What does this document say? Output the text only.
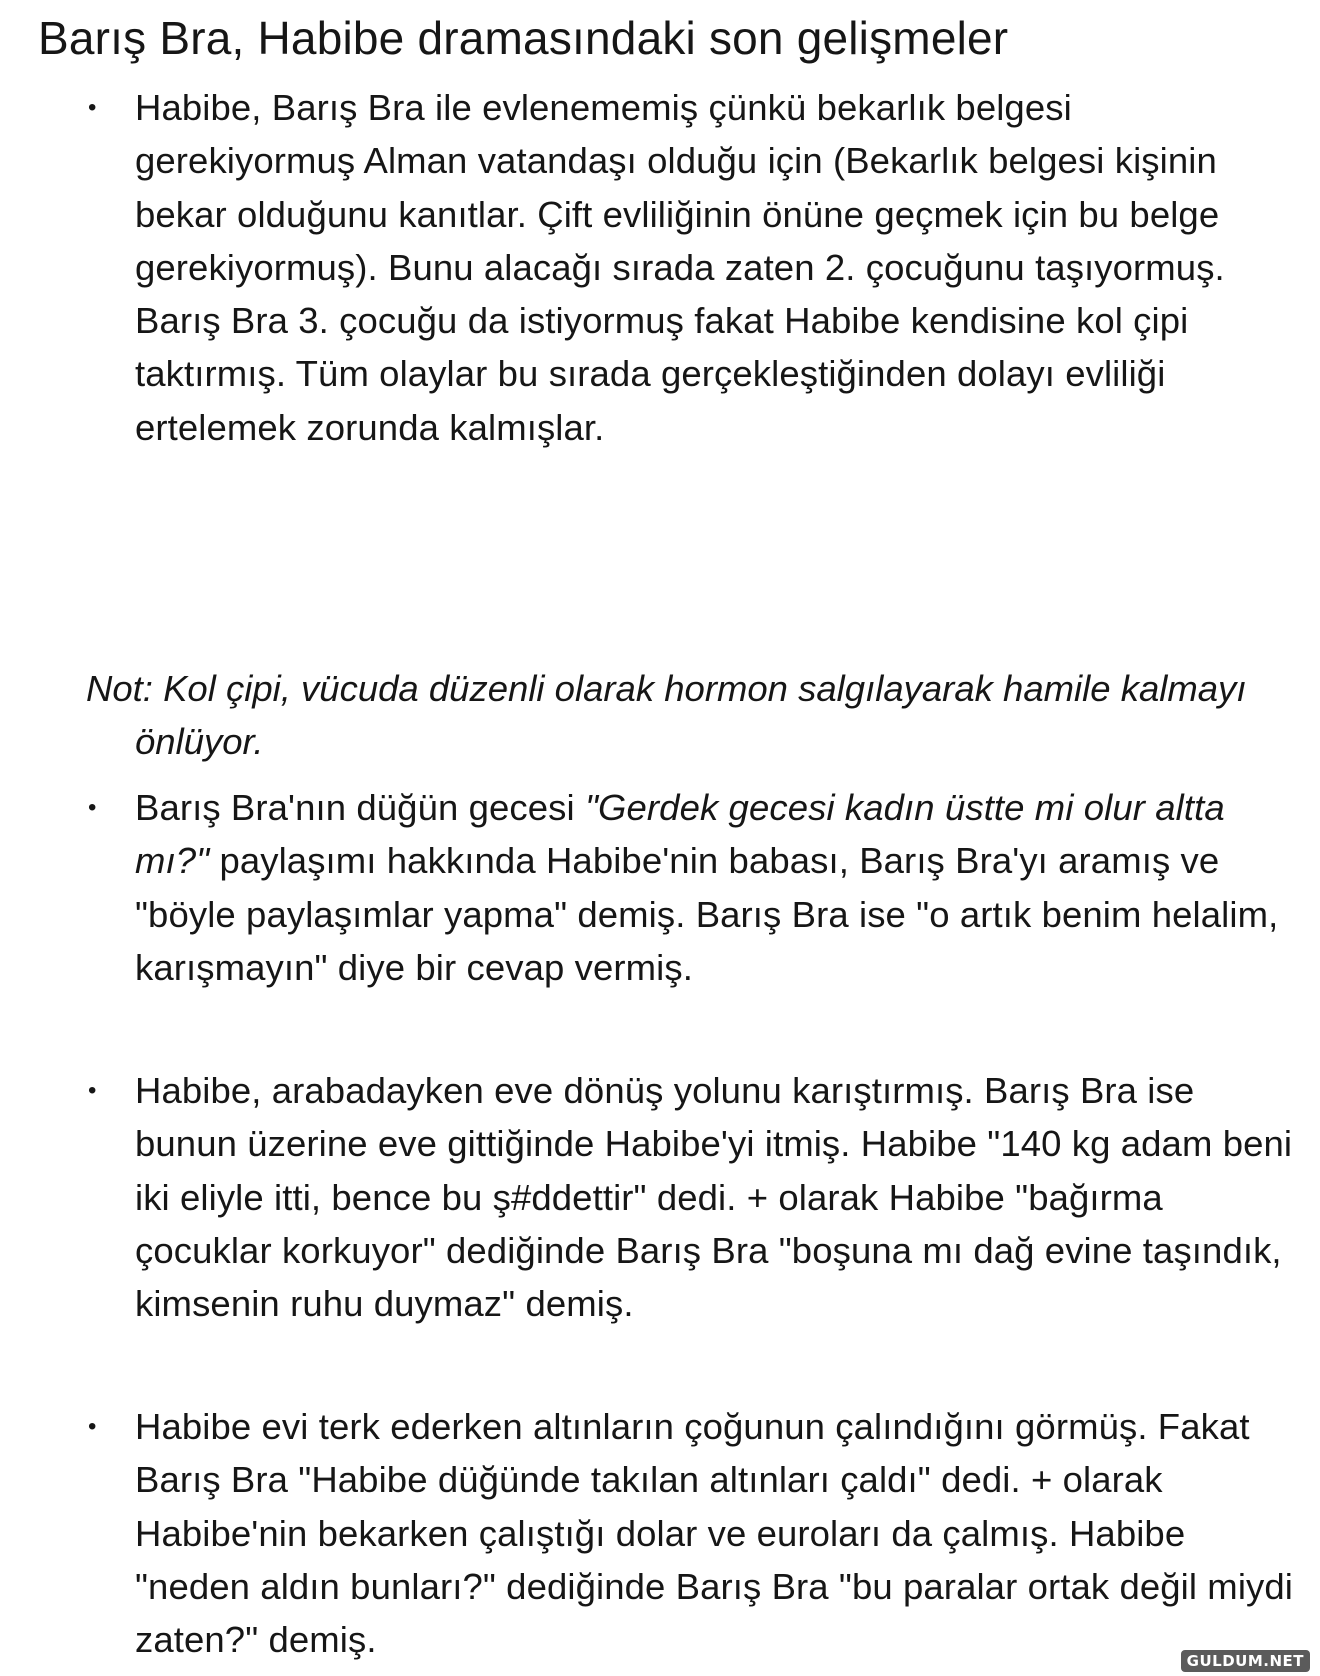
Barış Bra, Habibe dramasındaki son gelişmeler
• Habibe, Barış Bra ile evlenememiş çünkü bekarlık belgesi gerekiyormuş Alman vatandaşı olduğu için (Bekarlık belgesi kişinin bekar olduğunu kanıtlar. Çift evliliğinin önüne geçmek için bu belge gerekiyormuş). Bunu alacağı sırada zaten 2. çocuğunu taşıyormuş. Barış Bra 3. çocuğu da istiyormuş fakat Habibe kendisine kol çipi taktırmış. Tüm olaylar bu sırada gerçekleştiğinden dolayı evliliği ertelemek zorunda kalmışlar.
Not: Kol çipi, vücuda düzenli olarak hormon salgılayarak hamile kalmayı önlüyor.
• Barış Bra'nın düğün gecesi "Gerdek gecesi kadın üstte mi olur altta mı?" paylaşımı hakkında Habibe'nin babası, Barış Bra'yı aramış ve "böyle paylaşımlar yapma" demiş. Barış Bra ise "o artık benim helalim, karışmayın" diye bir cevap vermiş.
• Habibe, arabadayken eve dönüş yolunu karıştırmış. Barış Bra ise bunun üzerine eve gittiğinde Habibe'yi itmiş. Habibe "140 kg adam beni iki eliyle itti, bence bu ş#ddettir" dedi. + olarak Habibe "bağırma çocuklar korkuyor" dediğinde Barış Bra "boşuna mı dağ evine taşındık, kimsenin ruhu duymaz" demiş.
• Habibe evi terk ederken altınların çoğunun çalındığını görmüş. Fakat Barış Bra "Habibe düğünde takılan altınları çaldı" dedi. + olarak Habibe'nin bekarken çalıştığı dolar ve euroları da çalmış. Habibe "neden aldın bunları?" dediğinde Barış Bra "bu paralar ortak değil miydi zaten?" demiş.
GULDUM.NET
